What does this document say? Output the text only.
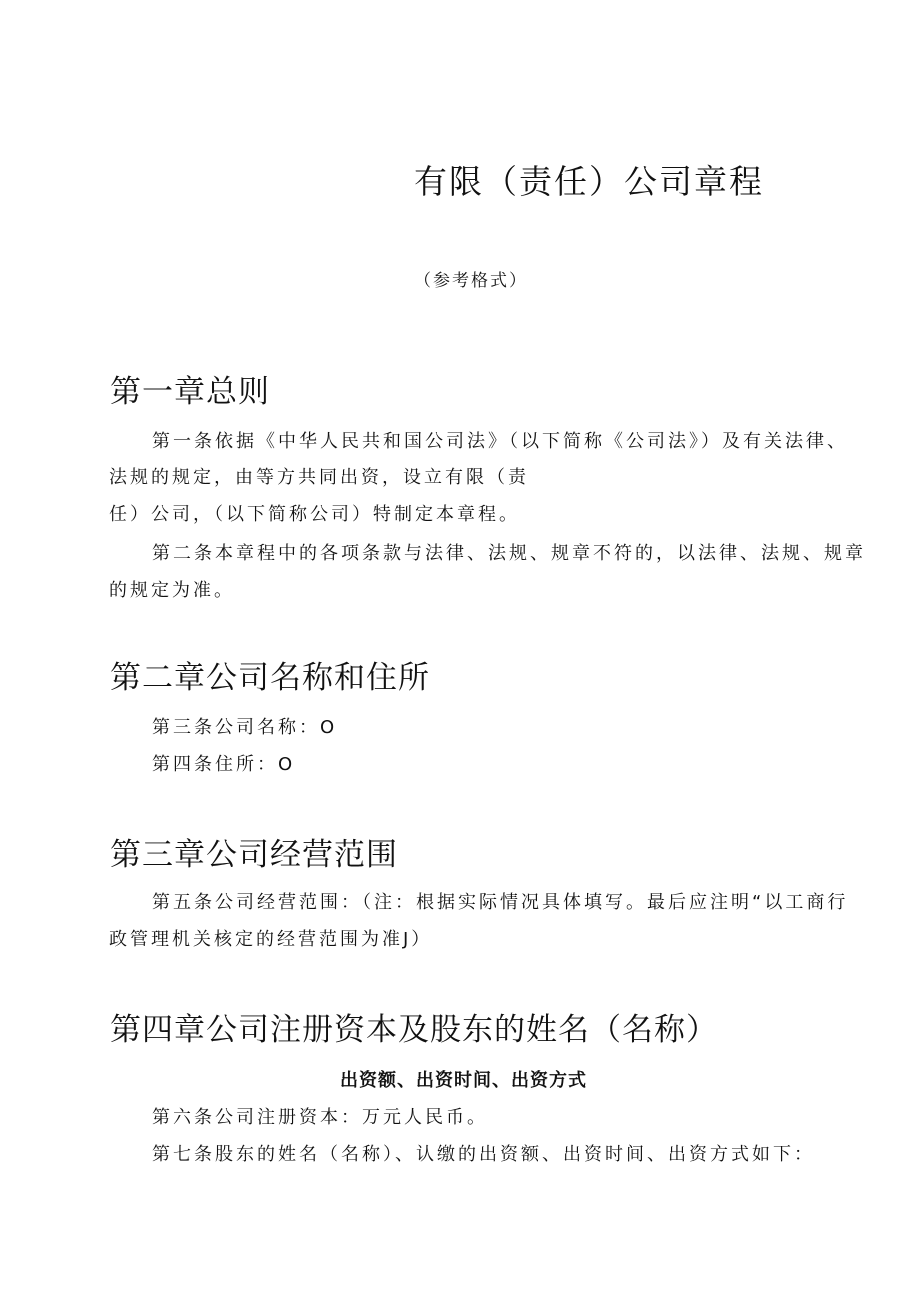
有限（责任）公司章程
（参考格式）
第一章总则
第一条依据《中华人民共和国公司法》（以下简称《公司法》）及有关法律、
法规的规定，由等方共同出资，设立有限（责
任）公司，（以下简称公司）特制定本章程。
第二条本章程中的各项条款与法律、法规、规章不符的，以法律、法规、规章
的规定为准。
第二章公司名称和住所
第三条公司名称：O
第四条住所：O
第三章公司经营范围
第五条公司经营范围：（注：根据实际情况具体填写。最后应注明“以工商行
政管理机关核定的经营范围为准J）
第四章公司注册资本及股东的姓名（名称）
出资额、出资时间、出资方式
第六条公司注册资本：万元人民币。
第七条股东的姓名（名称）、认缴的出资额、出资时间、出资方式如下：
